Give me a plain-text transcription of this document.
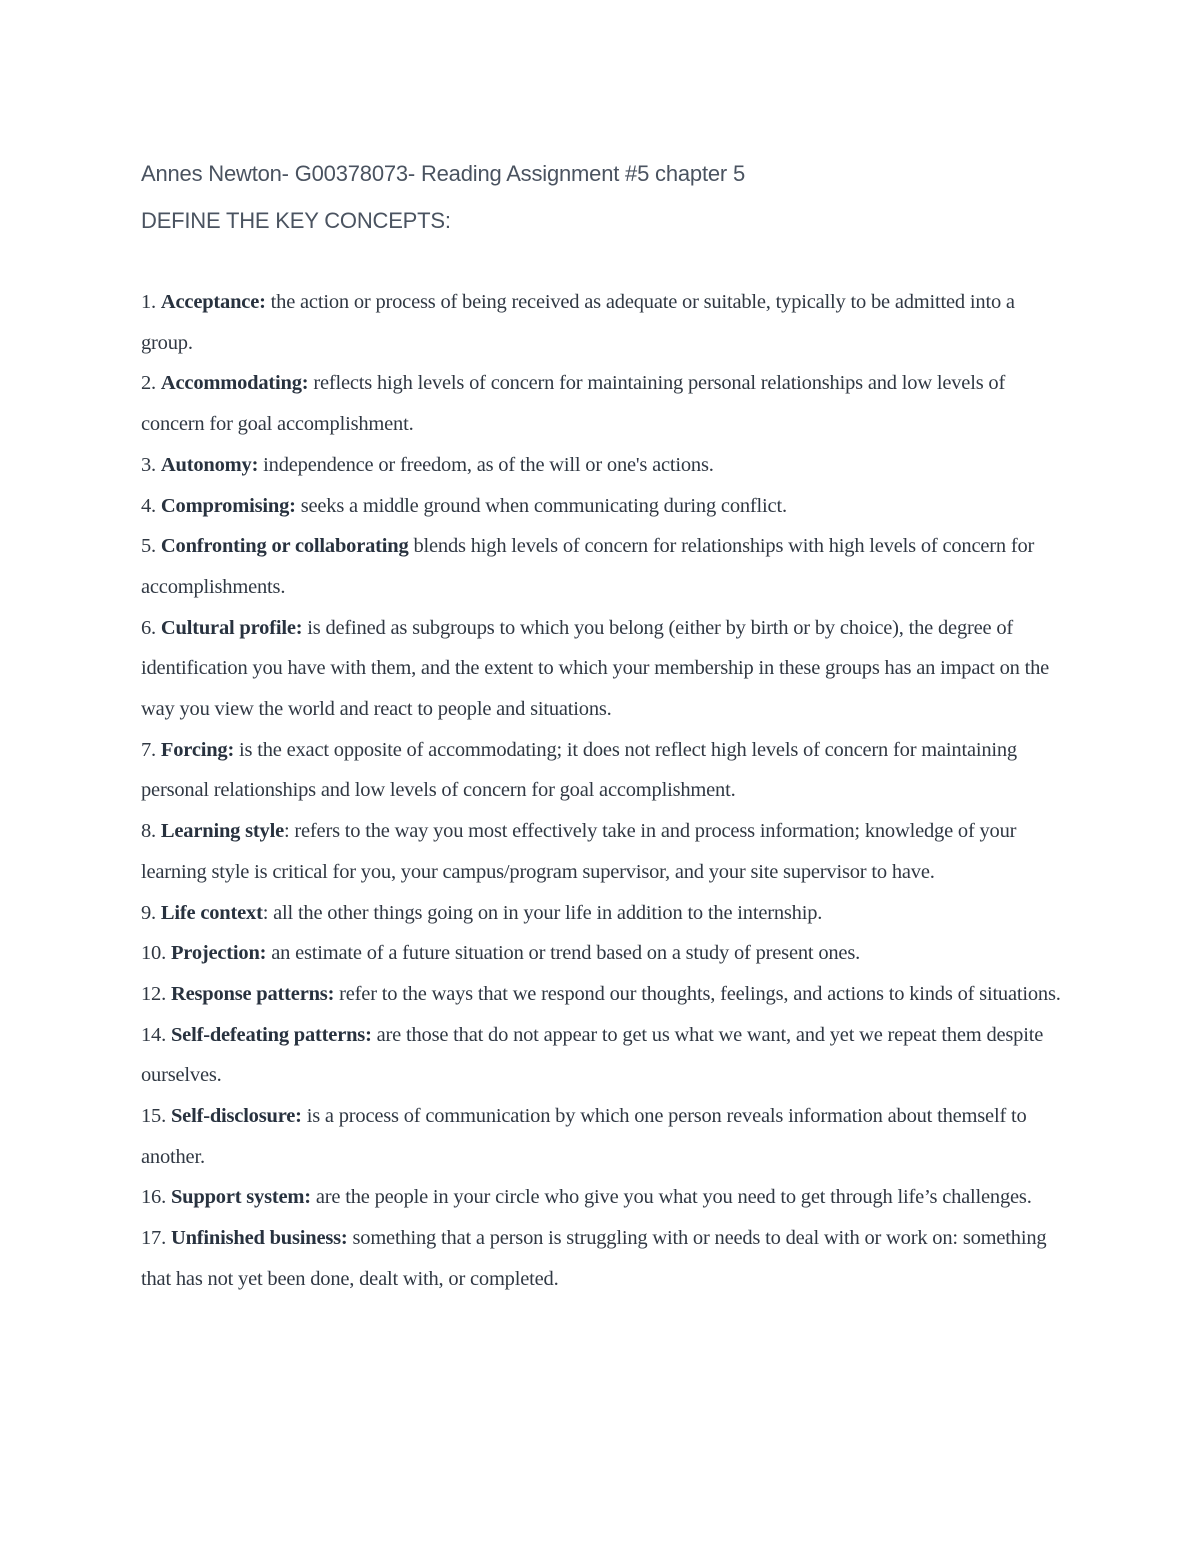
Annes Newton- G00378073- Reading Assignment #5 chapter 5
DEFINE THE KEY CONCEPTS:

1. Acceptance: the action or process of being received as adequate or suitable, typically to be admitted into a group.

2. Accommodating: reflects high levels of concern for maintaining personal relationships and low levels of concern for goal accomplishment.

3. Autonomy: independence or freedom, as of the will or one's actions.

4. Compromising: seeks a middle ground when communicating during conflict.

5. Confronting or collaborating blends high levels of concern for relationships with high levels of concern for accomplishments.

6. Cultural profile: is defined as subgroups to which you belong (either by birth or by choice), the degree of identification you have with them, and the extent to which your membership in these groups has an impact on the way you view the world and react to people and situations.

7. Forcing: is the exact opposite of accommodating; it does not reflect high levels of concern for maintaining personal relationships and low levels of concern for goal accomplishment.

8. Learning style: refers to the way you most effectively take in and process information; knowledge of your learning style is critical for you, your campus/program supervisor, and your site supervisor to have.

9. Life context: all the other things going on in your life in addition to the internship.

10. Projection: an estimate of a future situation or trend based on a study of present ones.

12. Response patterns: refer to the ways that we respond our thoughts, feelings, and actions to kinds of situations.

14. Self-defeating patterns: are those that do not appear to get us what we want, and yet we repeat them despite ourselves.

15. Self-disclosure: is a process of communication by which one person reveals information about themself to another.

16. Support system: are the people in your circle who give you what you need to get through life’s challenges.

17. Unfinished business: something that a person is struggling with or needs to deal with or work on: something that has not yet been done, dealt with, or completed.
